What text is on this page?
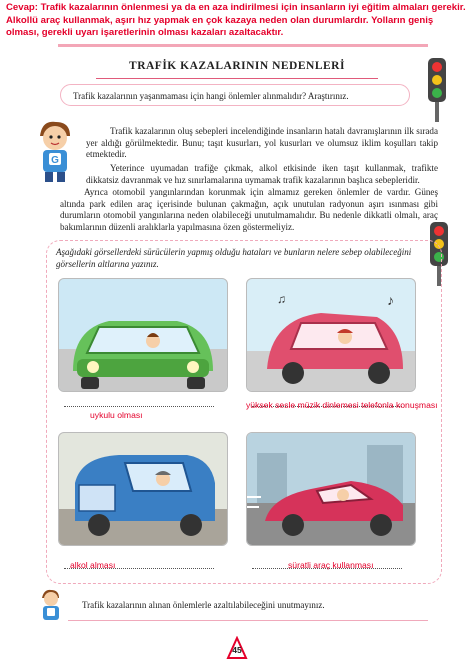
Cevap: Trafik kazalarının önlenmesi ya da en aza indirilmesi için insanların iyi eğitim almaları gerekir. Alkollü araç kullanmak, aşırı hız yapmak en çok kazaya neden olan durumlardır. Yolların geniş olması, gerekli uyarı işaretlerinin olması kazaları azaltacaktır.
TRAFİK KAZALARININ NEDENLERİ
Trafik kazalarının yaşanmaması için hangi önlemler alınmalıdır? Araştırınız.
G
Trafik kazalarının oluş sebepleri incelendiğinde insanların hatalı davranışlarının ilk sırada yer aldığı görülmektedir. Bunu; taşıt kusurları, yol kusurları ve olumsuz iklim koşulları takip etmektedir.
Yeterince uyumadan trafiğe çıkmak, alkol etkisinde iken taşıt kullanmak, trafikte dikkatsiz davranmak ve hız sınırlamalarına uymamak trafik kazalarının başlıca sebepleridir.
Ayrıca otomobil yangınlarından korunmak için almamız gereken önlemler de vardır. Güneş altında park edilen araç içerisinde bulunan çakmağın, açık unutulan radyonun aşırı ısınması gibi durumların otomobil yangınlarına neden olabileceği unutulmamalıdır. Bu nedenle dikkatli olmalı, araç bakımlarının düzenli aralıklarla yapılmasına özen göstermeliyiz.
Aşağıdaki görsellerdeki sürücülerin yapmış olduğu hataları ve bunların nelere sebep olabileceğini görsellerin altlarına yazınız.
uykulu olması
♪
♫
yüksek sesle müzik dinlemesi telefonla konuşması
alkol alması	süratli araç kullanması
Trafik kazalarının alınan önlemlerle azaltılabileceğini unutmayınız.
45
